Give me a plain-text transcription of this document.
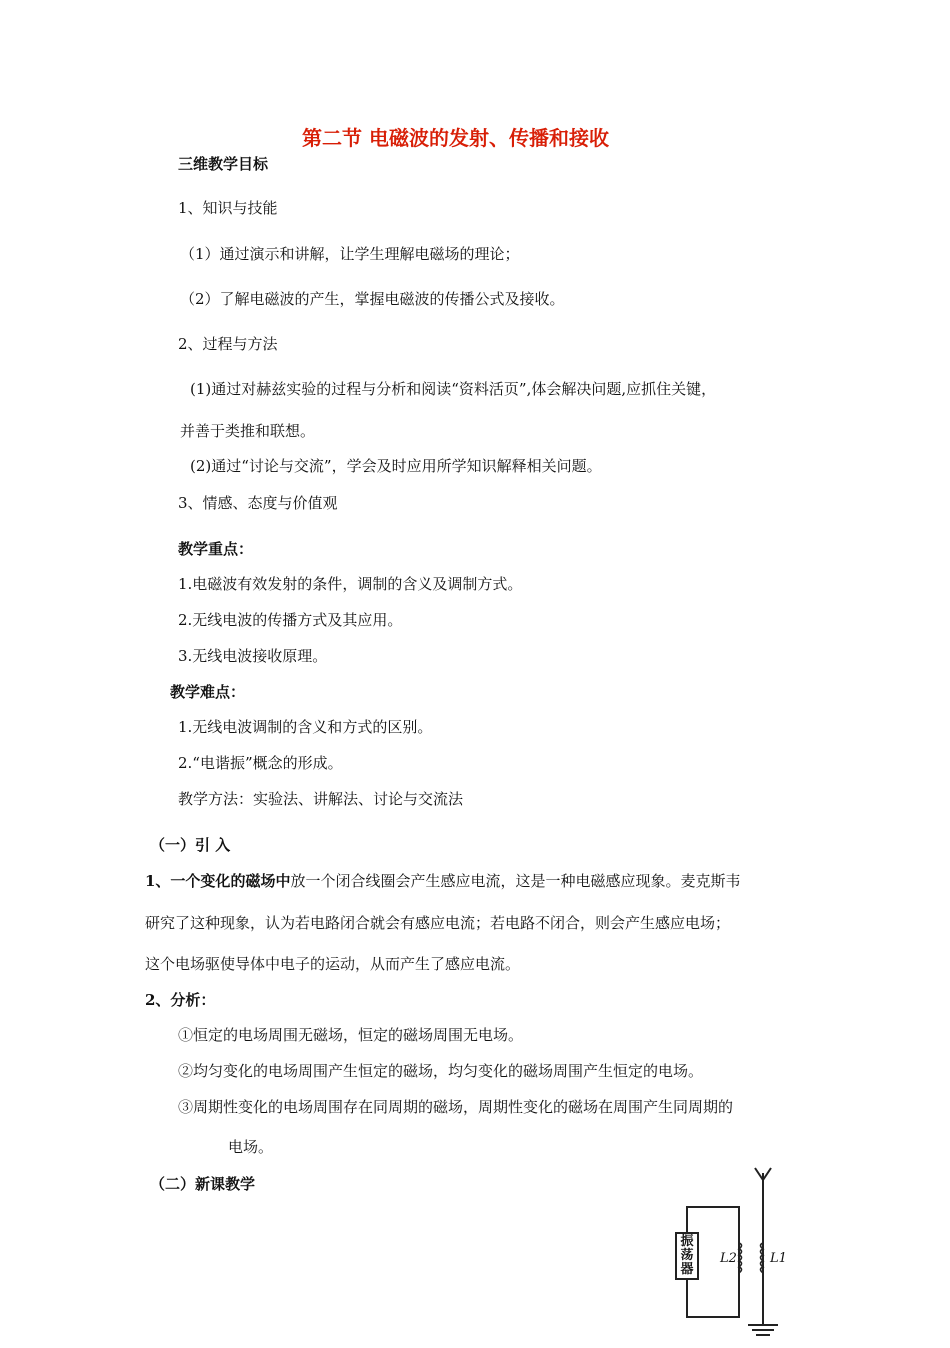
第二节 电磁波的发射、传播和接收
三维教学目标
1、知识与技能
（1）通过演示和讲解，让学生理解电磁场的理论；
（2）了解电磁波的产生，掌握电磁波的传播公式及接收。
2、过程与方法
(1)通过对赫兹实验的过程与分析和阅读“资料活页”,体会解决问题,应抓住关键，
并善于类推和联想。
(2)通过“讨论与交流”，学会及时应用所学知识解释相关问题。
3、情感、态度与价值观
教学重点：
1.电磁波有效发射的条件，调制的含义及调制方式。
2.无线电波的传播方式及其应用。
3.无线电波接收原理。
教学难点：
1.无线电波调制的含义和方式的区别。
2.“电谐振”概念的形成。
教学方法：实验法、讲解法、讨论与交流法
（一）引 入
1、一个变化的磁场中放一个闭合线圈会产生感应电流，这是一种电磁感应现象。麦克斯韦
研究了这种现象，认为若电路闭合就会有感应电流；若电路不闭合，则会产生感应电场；
这个电场驱使导体中电子的运动，从而产生了感应电流。
2、分析：
①恒定的电场周围无磁场，恒定的磁场周围无电场。
②均匀变化的电场周围产生恒定的磁场，均匀变化的磁场周围产生恒定的电场。
③周期性变化的电场周围存在同周期的磁场，周期性变化的磁场在周围产生同周期的
电场。
（二）新课教学
振荡器
L2	L1
